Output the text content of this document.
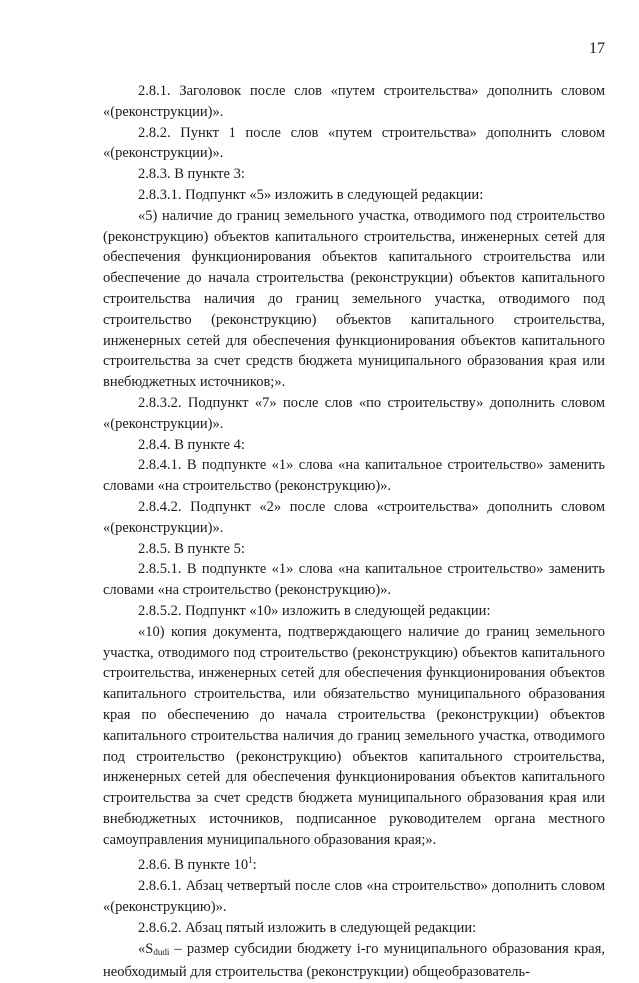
17

2.8.1. Заголовок после слов «путем строительства» дополнить словом «(реконструкции)».

2.8.2. Пункт 1 после слов «путем строительства» дополнить словом «(реконструкции)».

2.8.3. В пункте 3:

2.8.3.1. Подпункт «5» изложить в следующей редакции:

«5) наличие до границ земельного участка, отводимого под строительство (реконструкцию) объектов капитального строительства, инженерных сетей для обеспечения функционирования объектов капитального строительства или обеспечение до начала строительства (реконструкции) объектов капитального строительства наличия до границ земельного участка, отводимого под строительство (реконструкцию) объектов капитального строительства, инженерных сетей для обеспечения функционирования объектов капитального строительства за счет средств бюджета муниципального образования края или внебюджетных источников;».

2.8.3.2. Подпункт «7» после слов «по строительству» дополнить словом «(реконструкции)».

2.8.4. В пункте 4:

2.8.4.1. В подпункте «1» слова «на капитальное строительство» заменить словами «на строительство (реконструкцию)».

2.8.4.2. Подпункт «2» после слова «строительства» дополнить словом «(реконструкции)».

2.8.5. В пункте 5:

2.8.5.1. В подпункте «1» слова «на капитальное строительство» заменить словами «на строительство (реконструкцию)».

2.8.5.2. Подпункт «10» изложить в следующей редакции:

«10) копия документа, подтверждающего наличие до границ земельного участка, отводимого под строительство (реконструкцию) объектов капитального строительства, инженерных сетей для обеспечения функционирования объектов капитального строительства, или обязательство муниципального образования края по обеспечению до начала строительства (реконструкции) объектов капитального строительства наличия до границ земельного участка, отводимого под строительство (реконструкцию) объектов капитального строительства, инженерных сетей для обеспечения функционирования объектов капитального строительства за счет средств бюджета муниципального образования края или внебюджетных источников, подписанное руководителем органа местного самоуправления муниципального образования края;».

2.8.6. В пункте $10^1$:

2.8.6.1. Абзац четвертый после слов «на строительство» дополнить словом «(реконструкцию)».

2.8.6.2. Абзац пятый изложить в следующей редакции:

«$S_{dudi}$ – размер субсидии бюджету i-го муниципального образования края, необходимый для строительства (реконструкции) общеобразователь-
